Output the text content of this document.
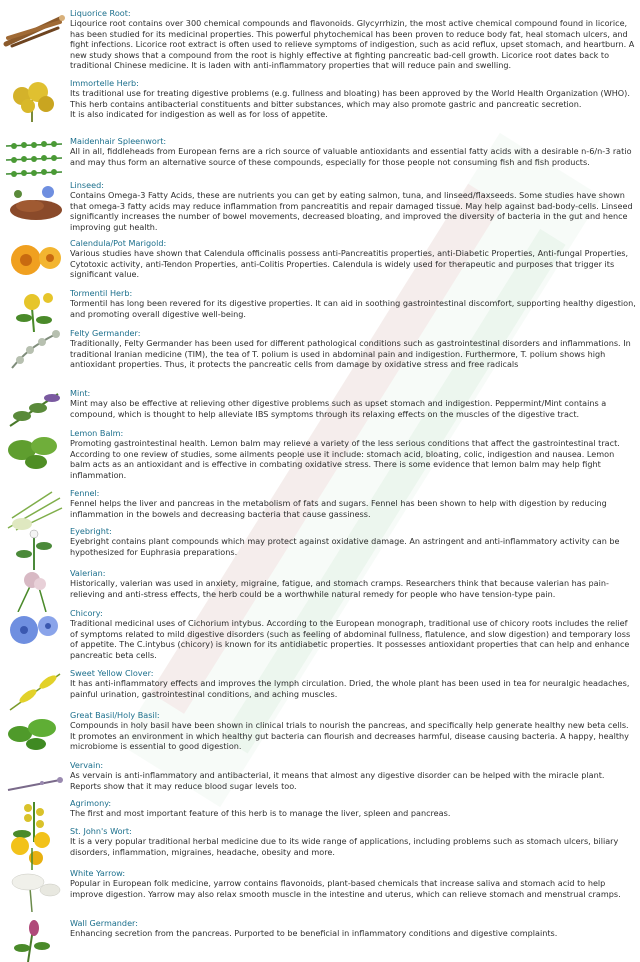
Liquorice Root:
Liqourice root contains over 300 chemical compounds and flavonoids. Glycyrrhizin, the most active chemical compound found in licorice, has been studied for its medicinal properties. This powerful phytochemical has been proven to reduce body fat, heal stomach ulcers, and fight infections. Licorice root extract is often used to relieve symptoms of indigestion, such as acid reflux, upset stomach, and heartburn. A new study shows that a compound from the root is highly effective at fighting pancreatic bad-cell growth. Licorice root dates back to traditional Chinese medicine. It is laden with anti-inflammatory properties that will reduce pain and swelling.
Immortelle Herb:
Its traditional use for treating digestive problems (e.g. fullness and bloating) has been approved by the World Health Organization (WHO).
This herb contains antibacterial constituents and bitter substances, which may also promote gastric and pancreatic secretion.
It is also indicated for indigestion as well as for loss of appetite.
Maidenhair Spleenwort:
All in all, fiddleheads from European ferns are a rich source of valuable antioxidants and essential fatty acids with a desirable n-6/n-3 ratio and may thus form an alternative source of these compounds, especially for those people not consuming fish and fish products.
Linseed:
Contains Omega-3 Fatty Acids, these are nutrients you can get by eating salmon, tuna, and linseed/flaxseeds. Some studies have shown that omega-3 fatty acids may reduce inflammation from pancreatitis and repair damaged tissue. May help against bad-body-cells. Linseed significantly increases the number of bowel movements, decreased bloating, and improved the diversity of bacteria in the gut and hence improving gut health.
Calendula/Pot Marigold:
Various studies have shown that Calendula officinalis possess anti-Pancreatitis properties, anti-Diabetic Properties, Anti-fungal Properties, Cytotoxic activity, anti-Tendon Properties, anti-Colitis Properties. Calendula is widely used for therapeutic and purposes that trigger its significant value.
Tormentil Herb:
Tormentil has long been revered for its digestive properties. It can aid in soothing gastrointestinal discomfort, supporting healthy digestion, and promoting overall digestive well-being.
Felty Germander:
Traditionally, Felty Germander has been used for different pathological conditions such as gastrointestinal disorders and inflammations. In traditional Iranian medicine (TIM), the tea of T. polium is used in abdominal pain and indigestion. Furthermore, T. polium shows high antioxidant properties. Thus, it protects the pancreatic cells from damage by oxidative stress and free radicals
Mint:
Mint may also be effective at relieving other digestive problems such as upset stomach and indigestion. Peppermint/Mint contains a compound, which is thought to help alleviate IBS symptoms through its relaxing effects on the muscles of the digestive tract.
Lemon Balm:
Promoting gastrointestinal health. Lemon balm may relieve a variety of the less serious conditions that affect the gastrointestinal tract. According to one review of studies, some ailments people use it include: stomach acid, bloating, colic, indigestion and nausea. Lemon balm acts as an antioxidant and is effective in combating oxidative stress. There is some evidence that lemon balm may help fight inflammation.
Fennel:
Fennel helps the liver and pancreas in the metabolism of fats and sugars. Fennel has been shown to help with digestion by reducing inflammation in the bowels and decreasing bacteria that cause gassiness.
Eyebright:
Eyebright contains plant compounds which may protect against oxidative damage. An astringent and anti-inflammatory activity can be hypothesized for Euphrasia preparations.
Valerian:
Historically, valerian was used in anxiety, migraine, fatigue, and stomach cramps. Researchers think that because valerian has pain-relieving and anti-stress effects, the herb could be a worthwhile natural remedy for people who have tension-type pain.
Chicory:
Traditional medicinal uses of Cichorium intybus. According to the European monograph, traditional use of chicory roots includes the relief of symptoms related to mild digestive disorders (such as feeling of abdominal fullness, flatulence, and slow digestion) and temporary loss of appetite. The C.intybus (chicory) is known for its antidiabetic properties. It possesses antioxidant properties that can help and enhance pancreatic beta cells.
Sweet Yellow Clover:
It has anti-inflammatory effects and improves the lymph circulation. Dried, the whole plant has been used in tea for neuralgic headaches, painful urination, gastrointestinal conditions, and aching muscles.
Great Basil/Holy Basil:
Compounds in holy basil have been shown in clinical trials to nourish the pancreas, and specifically help generate healthy new beta cells. It promotes an environment in which healthy gut bacteria can flourish and decreases harmful, disease causing bacteria. A happy, healthy microbiome is essential to good digestion.
Vervain:
As vervain is anti-inflammatory and antibacterial, it means that almost any digestive disorder can be helped with the miracle plant. Reports show that it may reduce blood sugar levels too.
Agrimony:
The first and most important feature of this herb is to manage the liver, spleen and pancreas.
St. John's Wort:
It is a very popular traditional herbal medicine due to its wide range of applications, including problems such as stomach ulcers, biliary disorders, inflammation, migraines, headache, obesity and more.
White Yarrow:
Popular in European folk medicine, yarrow contains flavonoids, plant-based chemicals that increase saliva and stomach acid to help improve digestion. Yarrow may also relax smooth muscle in the intestine and uterus, which can relieve stomach and menstrual cramps.
Wall Germander:
Enhancing secretion from the pancreas. Purported to be beneficial in inflammatory conditions and digestive complaints.
